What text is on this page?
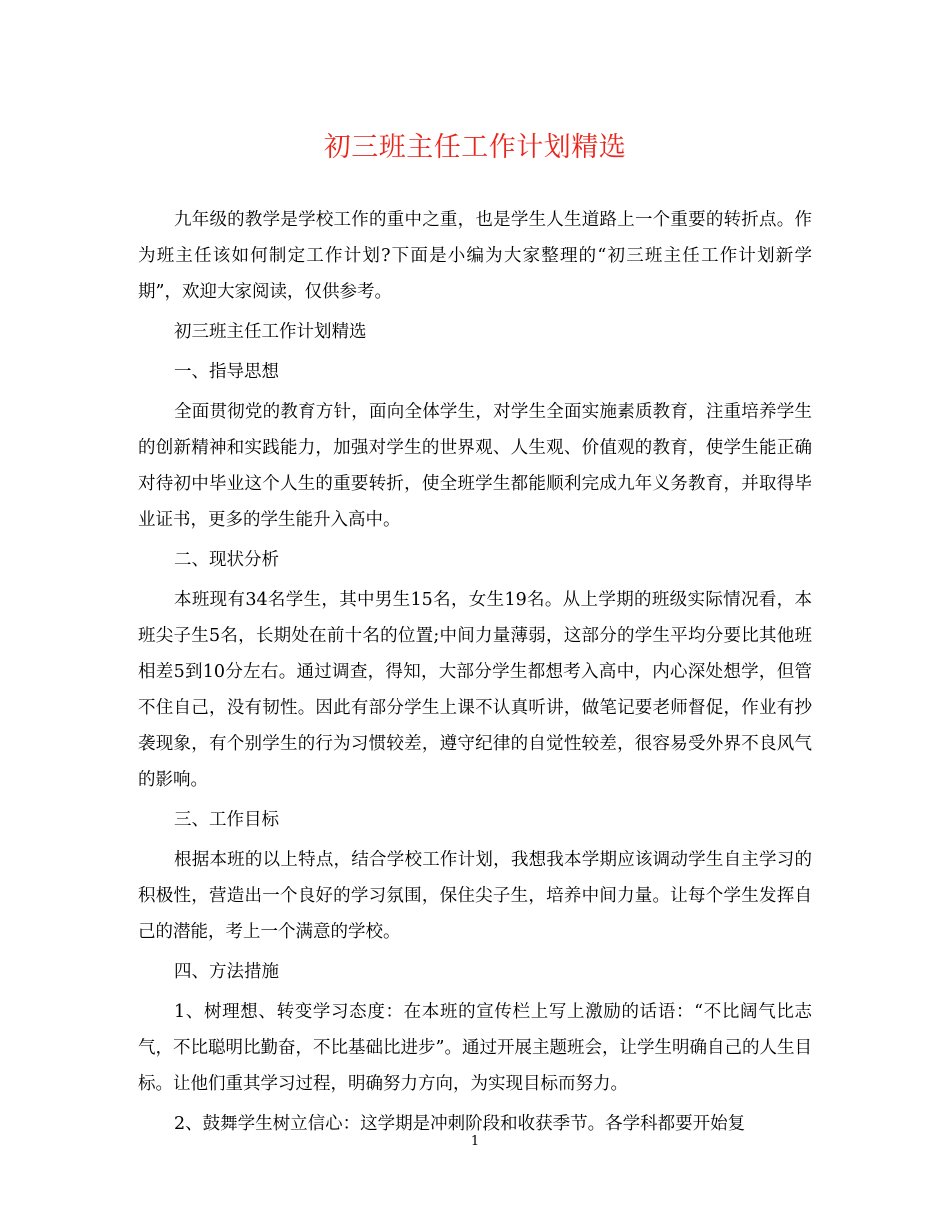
初三班主任工作计划精选

九年级的教学是学校工作的重中之重，也是学生人生道路上一个重要的转折点。作为班主任该如何制定工作计划?下面是小编为大家整理的“初三班主任工作计划新学期”，欢迎大家阅读，仅供参考。

初三班主任工作计划精选

一、指导思想

全面贯彻党的教育方针，面向全体学生，对学生全面实施素质教育，注重培养学生的创新精神和实践能力，加强对学生的世界观、人生观、价值观的教育，使学生能正确对待初中毕业这个人生的重要转折，使全班学生都能顺利完成九年义务教育，并取得毕业证书，更多的学生能升入高中。

二、现状分析

本班现有34名学生，其中男生15名，女生19名。从上学期的班级实际情况看，本班尖子生5名，长期处在前十名的位置;中间力量薄弱，这部分的学生平均分要比其他班相差5到10分左右。通过调查，得知，大部分学生都想考入高中，内心深处想学，但管不住自己，没有韧性。因此有部分学生上课不认真听讲，做笔记要老师督促，作业有抄袭现象，有个别学生的行为习惯较差，遵守纪律的自觉性较差，很容易受外界不良风气的影响。

三、工作目标

根据本班的以上特点，结合学校工作计划，我想我本学期应该调动学生自主学习的积极性，营造出一个良好的学习氛围，保住尖子生，培养中间力量。让每个学生发挥自己的潜能，考上一个满意的学校。

四、方法措施

1、树理想、转变学习态度：在本班的宣传栏上写上激励的话语：“不比阔气比志气，不比聪明比勤奋，不比基础比进步”。通过开展主题班会，让学生明确自己的人生目标。让他们重其学习过程，明确努力方向，为实现目标而努力。

2、鼓舞学生树立信心：这学期是冲刺阶段和收获季节。各学科都要开始复

1
